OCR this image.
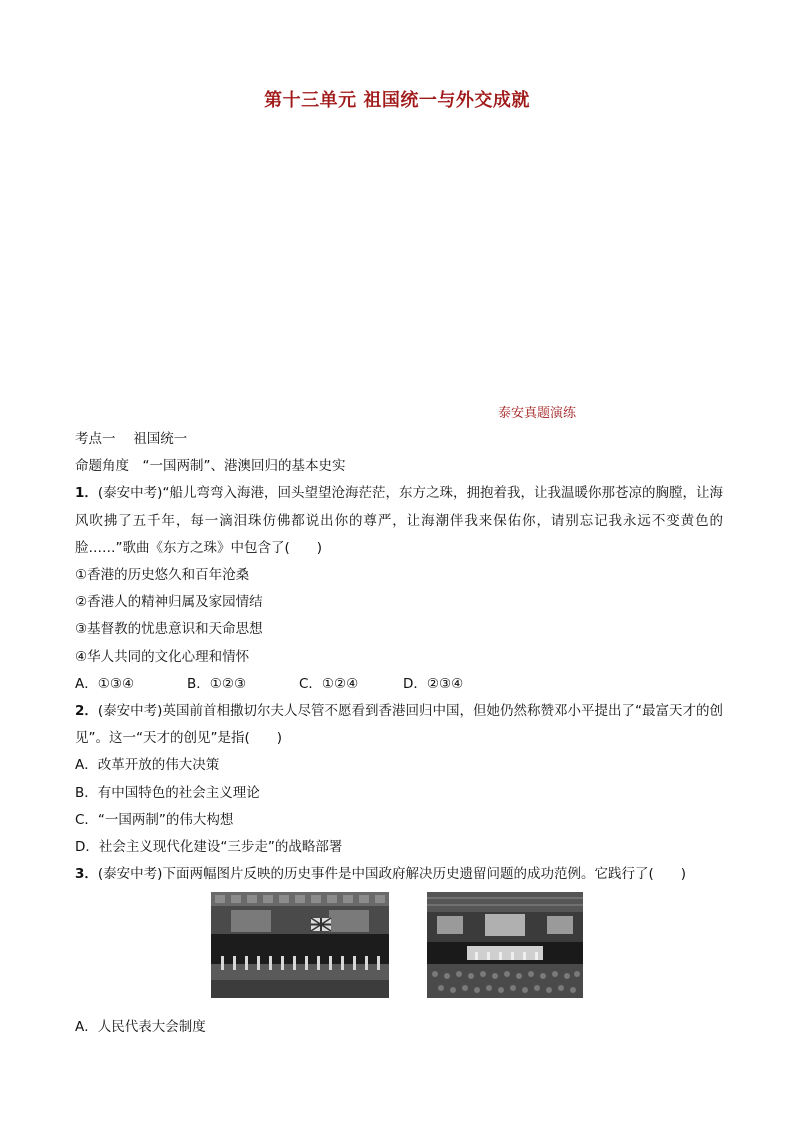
第十三单元 祖国统一与外交成就
泰安真题演练
考点一　 祖国统一
命题角度　“一国两制”、港澳回归的基本史实
1．(泰安中考)“船儿弯弯入海港，回头望望沧海茫茫，东方之珠，拥抱着我，让我温暖你那苍凉的胸膛，让海风吹拂了五千年，每一滴泪珠仿佛都说出你的尊严，让海潮伴我来保佑你，请别忘记我永远不变黄色的脸……”歌曲《东方之珠》中包含了(　　)
①香港的历史悠久和百年沧桑
②香港人的精神归属及家园情结
③基督教的忧患意识和天命思想
④华人共同的文化心理和情怀
A．①③④	B．①②③	C．①②④	D．②③④
2．(泰安中考)英国前首相撒切尔夫人尽管不愿看到香港回归中国，但她仍然称赞邓小平提出了“最富天才的创见”。这一“天才的创见”是指(　　)
A．改革开放的伟大决策
B．有中国特色的社会主义理论
C．“一国两制”的伟大构想
D．社会主义现代化建设“三步走”的战略部署
3．(泰安中考)下面两幅图片反映的历史事件是中国政府解决历史遗留问题的成功范例。它践行了(　　)
A．人民代表大会制度
